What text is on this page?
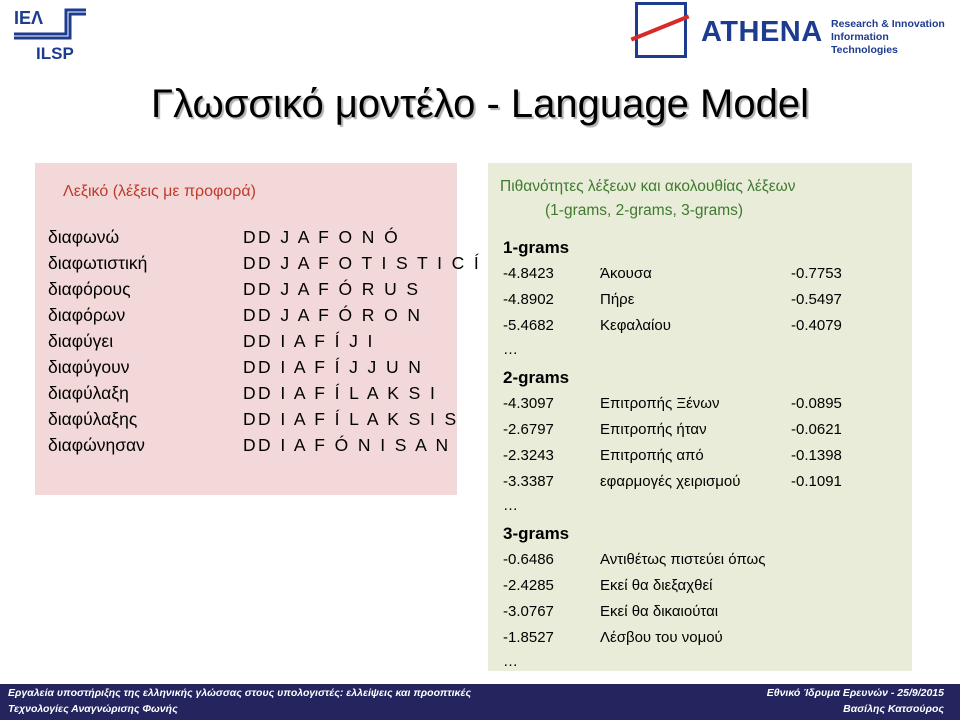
IEΛ
ILSP
ATHENA Research & Innovation
Information Technologies
Γλωσσικό μοντέλο - Language Model
Λεξικό (λέξεις με προφορά)
διαφωνώ	DD J A F O N Ó
διαφωτιστική	DD J A F O T I S T I C Í
διαφόρους	DD J A F Ó R U S
διαφόρων	DD J A F Ó R O N
διαφύγει	DD I A F Í J I
διαφύγουν	DD I A F Í J J U N
διαφύλαξη	DD I A F Í L A K S I
διαφύλαξης	DD I A F Í L A K S I S
διαφώνησαν	DD I A F Ó N I S A N
Πιθανότητες λέξεων και ακολουθίας λέξεων
(1-grams, 2-grams, 3-grams)
1-grams
-4.8423	Άκουσα	-0.7753
-4.8902	Πήρε	-0.5497
-5.4682	Κεφαλαίου	-0.4079
…
2-grams
-4.3097	Επιτροπής Ξένων	-0.0895
-2.6797	Επιτροπής ήταν	-0.0621
-2.3243	Επιτροπής από	-0.1398
-3.3387	εφαρμογές χειρισμού	-0.1091
…
3-grams
-0.6486	Αντιθέτως πιστεύει όπως
-2.4285	Εκεί θα διεξαχθεί
-3.0767	Εκεί θα δικαιούται
-1.8527	Λέσβου του νομού
…
Εργαλεία υποστήριξης της ελληνικής γλώσσας στους υπολογιστές: ελλείψεις και προοπτικές
Τεχνολογίες Αναγνώρισης Φωνής
Εθνικό Ίδρυμα Ερευνών - 25/9/2015
Βασίλης Κατσούρος
